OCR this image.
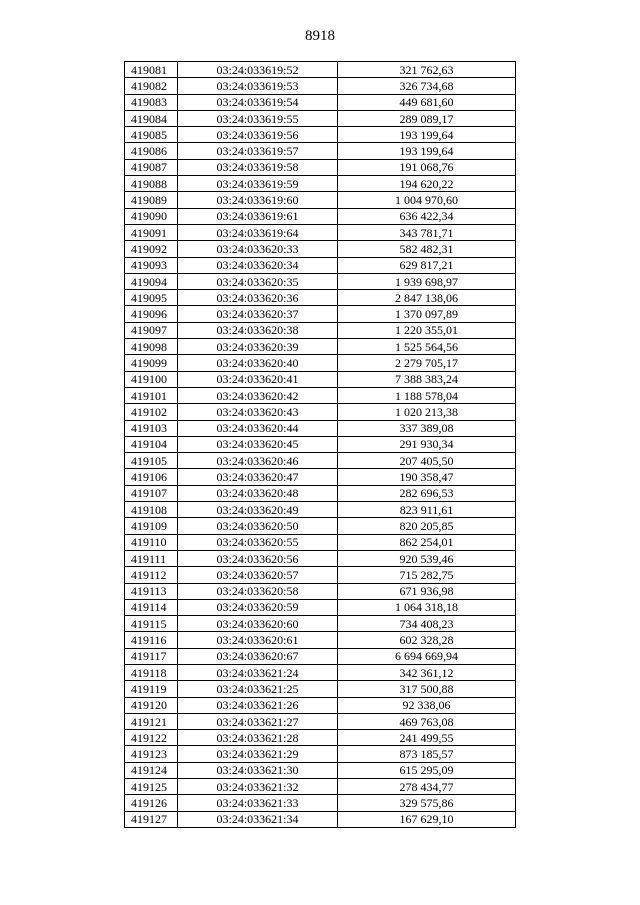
8918
419081	03:24:033619:52	321 762,63
419082	03:24:033619:53	326 734,68
419083	03:24:033619:54	449 681,60
419084	03:24:033619:55	289 089,17
419085	03:24:033619:56	193 199,64
419086	03:24:033619:57	193 199,64
419087	03:24:033619:58	191 068,76
419088	03:24:033619:59	194 620,22
419089	03:24:033619:60	1 004 970,60
419090	03:24:033619:61	636 422,34
419091	03:24:033619:64	343 781,71
419092	03:24:033620:33	582 482,31
419093	03:24:033620:34	629 817,21
419094	03:24:033620:35	1 939 698,97
419095	03:24:033620:36	2 847 138,06
419096	03:24:033620:37	1 370 097,89
419097	03:24:033620:38	1 220 355,01
419098	03:24:033620:39	1 525 564,56
419099	03:24:033620:40	2 279 705,17
419100	03:24:033620:41	7 388 383,24
419101	03:24:033620:42	1 188 578,04
419102	03:24:033620:43	1 020 213,38
419103	03:24:033620:44	337 389,08
419104	03:24:033620:45	291 930,34
419105	03:24:033620:46	207 405,50
419106	03:24:033620:47	190 358,47
419107	03:24:033620:48	282 696,53
419108	03:24:033620:49	823 911,61
419109	03:24:033620:50	820 205,85
419110	03:24:033620:55	862 254,01
419111	03:24:033620:56	920 539,46
419112	03:24:033620:57	715 282,75
419113	03:24:033620:58	671 936,98
419114	03:24:033620:59	1 064 318,18
419115	03:24:033620:60	734 408,23
419116	03:24:033620:61	602 328,28
419117	03:24:033620:67	6 694 669,94
419118	03:24:033621:24	342 361,12
419119	03:24:033621:25	317 500,88
419120	03:24:033621:26	92 338,06
419121	03:24:033621:27	469 763,08
419122	03:24:033621:28	241 499,55
419123	03:24:033621:29	873 185,57
419124	03:24:033621:30	615 295,09
419125	03:24:033621:32	278 434,77
419126	03:24:033621:33	329 575,86
419127	03:24:033621:34	167 629,10
